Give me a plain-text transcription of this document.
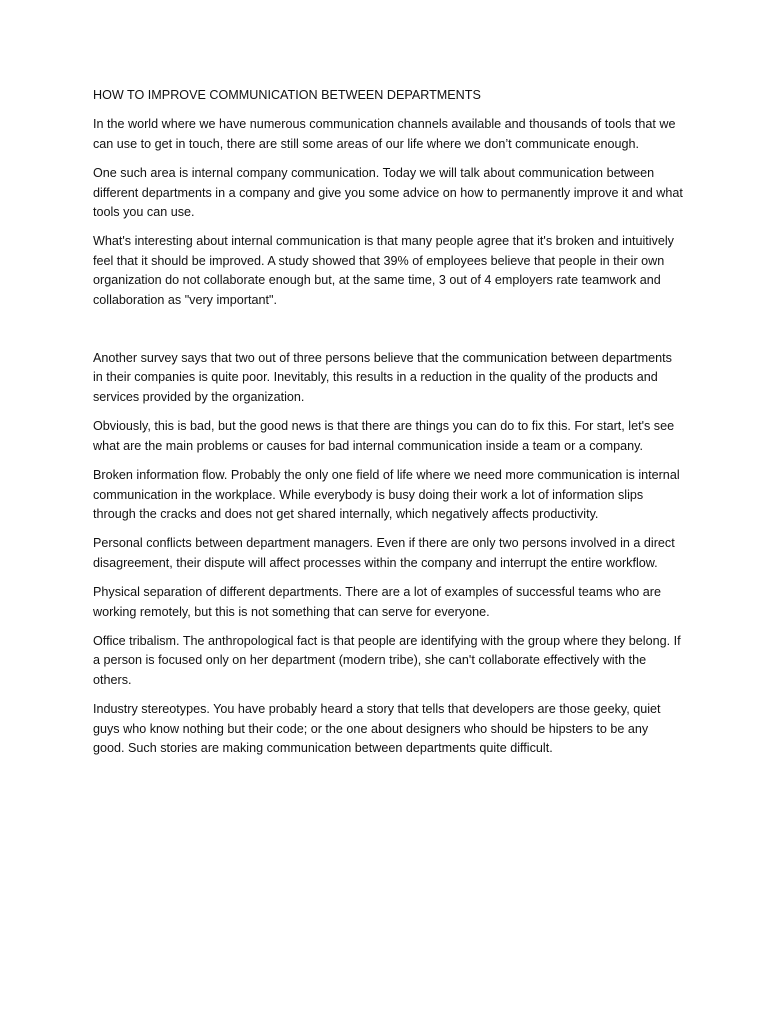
HOW TO IMPROVE COMMUNICATION BETWEEN DEPARTMENTS

In the world where we have numerous communication channels available and thousands of tools that we can use to get in touch, there are still some areas of our life where we don’t communicate enough.

One such area is internal company communication. Today we will talk about communication between different departments in a company and give you some advice on how to permanently improve it and what tools you can use.

What's interesting about internal communication is that many people agree that it's broken and intuitively feel that it should be improved. A study showed that 39% of employees believe that people in their own organization do not collaborate enough but, at the same time, 3 out of 4 employers rate teamwork and collaboration as "very important".

Another survey says that two out of three persons believe that the communication between departments in their companies is quite poor. Inevitably, this results in a reduction in the quality of the products and services provided by the organization.

Obviously, this is bad, but the good news is that there are things you can do to fix this. For start, let's see what are the main problems or causes for bad internal communication inside a team or a company.

Broken information flow. Probably the only one field of life where we need more communication is internal communication in the workplace. While everybody is busy doing their work a lot of information slips through the cracks and does not get shared internally, which negatively affects productivity.

Personal conflicts between department managers. Even if there are only two persons involved in a direct disagreement, their dispute will affect processes within the company and interrupt the entire workflow.

Physical separation of different departments. There are a lot of examples of successful teams who are working remotely, but this is not something that can serve for everyone.

Office tribalism. The anthropological fact is that people are identifying with the group where they belong. If a person is focused only on her department (modern tribe), she can't collaborate effectively with the others.

Industry stereotypes. You have probably heard a story that tells that developers are those geeky, quiet guys who know nothing but their code; or the one about designers who should be hipsters to be any good. Such stories are making communication between departments quite difficult.
